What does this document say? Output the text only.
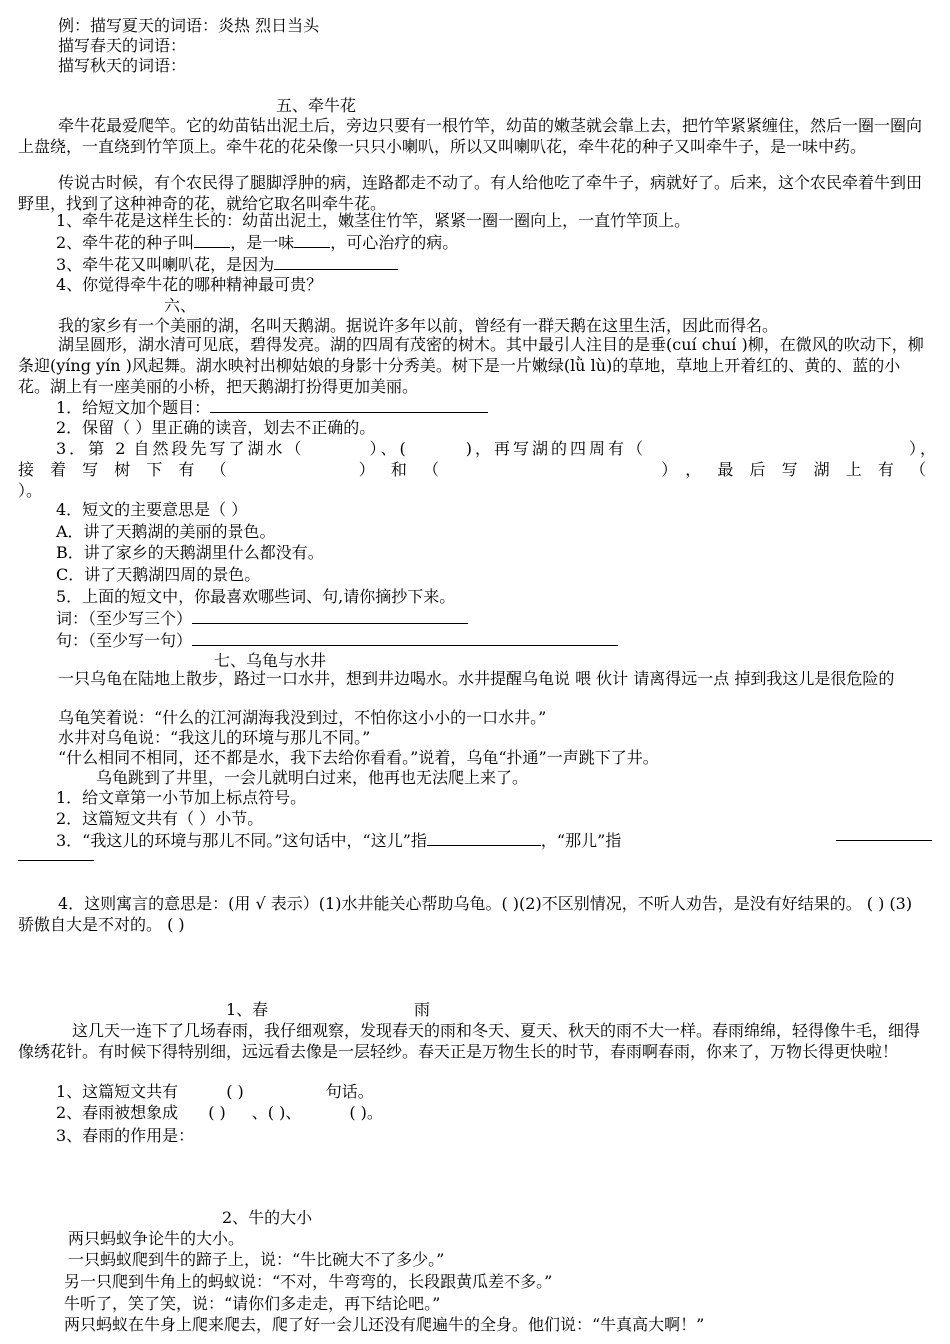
例：描写夏天的词语：炎热 烈日当头
描写春天的词语：
描写秋天的词语：
五、牵牛花
牵牛花最爱爬竿。它的幼苗钻出泥土后，旁边只要有一根竹竿，幼苗的嫩茎就会靠上去，把竹竿紧紧缠住，然后一圈一圈向上盘绕，一直绕到竹竿顶上。牵牛花的花朵像一只只小喇叭，所以又叫喇叭花，牵牛花的种子又叫牵牛子，是一味中药。
传说古时候，有个农民得了腿脚浮肿的病，连路都走不动了。有人给他吃了牵牛子，病就好了。后来，这个农民牵着牛到田野里，找到了这种神奇的花，就给它取名叫牵牛花。
1、牵牛花是这样生长的：幼苗出泥土，嫩茎住竹竿，紧紧一圈一圈向上，一直竹竿顶上。
2、牵牛花的种子叫 ，是一味 ，可心治疗的病。
3、牵牛花又叫喇叭花，是因为
4、你觉得牵牛花的哪种精神最可贵？
六、
我的家乡有一个美丽的湖，名叫天鹅湖。据说许多年以前，曾经有一群天鹅在这里生活，因此而得名。
湖呈圆形，湖水清可见底，碧得发亮。湖的四周有茂密的树木。其中最引人注目的是垂(cuí chuí )柳，在微风的吹动下，柳条迎(yíng yín )风起舞。湖水映衬出柳姑娘的身影十分秀美。树下是一片嫩绿(lǜ lù)的草地，草地上开着红的、黄的、蓝的小花。湖上有一座美丽的小桥，把天鹅湖打扮得更加美丽。
1．给短文加个题目：
2．保留（ ）里正确的读音，划去不正确的。
3．第 2 自然段先写了湖水（	）、(	)，再写湖的四周有（	），
接着写树下有（	）和（	），最后写湖上有（
）。
4．短文的主要意思是（ ）
A．讲了天鹅湖的美丽的景色。
B．讲了家乡的天鹅湖里什么都没有。
C．讲了天鹅湖四周的景色。
5．上面的短文中，你最喜欢哪些词、句,请你摘抄下来。
词：（至少写三个）
句：（至少写一句）
七、乌龟与水井
一只乌龟在陆地上散步，路过一口水井，想到井边喝水。水井提醒乌龟说 喂 伙计 请离得远一点 掉到我这儿是很危险的
乌龟笑着说：“什么的江河湖海我没到过，不怕你这小小的一口水井。”
水井对乌龟说：“我这儿的环境与那儿不同。”
“什么相同不相同，还不都是水，我下去给你看看。”说着，乌龟“扑通”一声跳下了井。
乌龟跳到了井里，一会儿就明白过来，他再也无法爬上来了。
1．给文章第一小节加上标点符号。
2．这篇短文共有（ ）小节。
3．“我这儿的环境与那儿不同。”这句话中，“这儿”指	，“那儿”指
4．这则寓言的意思是：(用 √ 表示）(1)水井能关心帮助乌龟。( )(2)不区别情况，不听人劝告，是没有好结果的。 ( ) (3) 骄傲自大是不对的。 ( )
1、春	雨
这几天一连下了几场春雨，我仔细观察，发现春天的雨和冬天、夏天、秋天的雨不大一样。春雨绵绵，轻得像牛毛，细得像绣花针。有时候下得特别细，远远看去像是一层轻纱。春天正是万物生长的时节，春雨啊春雨，你来了，万物长得更快啦！
1、这篇短文共有	( )	句话。
2、春雨被想象成 ( ) 、( )、	( )。
3、春雨的作用是：
2、牛的大小
两只蚂蚁争论牛的大小。
一只蚂蚁爬到牛的蹄子上，说：“牛比碗大不了多少。”
另一只爬到牛角上的蚂蚁说：“不对，牛弯弯的，长段跟黄瓜差不多。”
牛听了，笑了笑，说：“请你们多走走，再下结论吧。”
两只蚂蚁在牛身上爬来爬去，爬了好一会儿还没有爬遍牛的全身。他们说：“牛真高大啊！”
